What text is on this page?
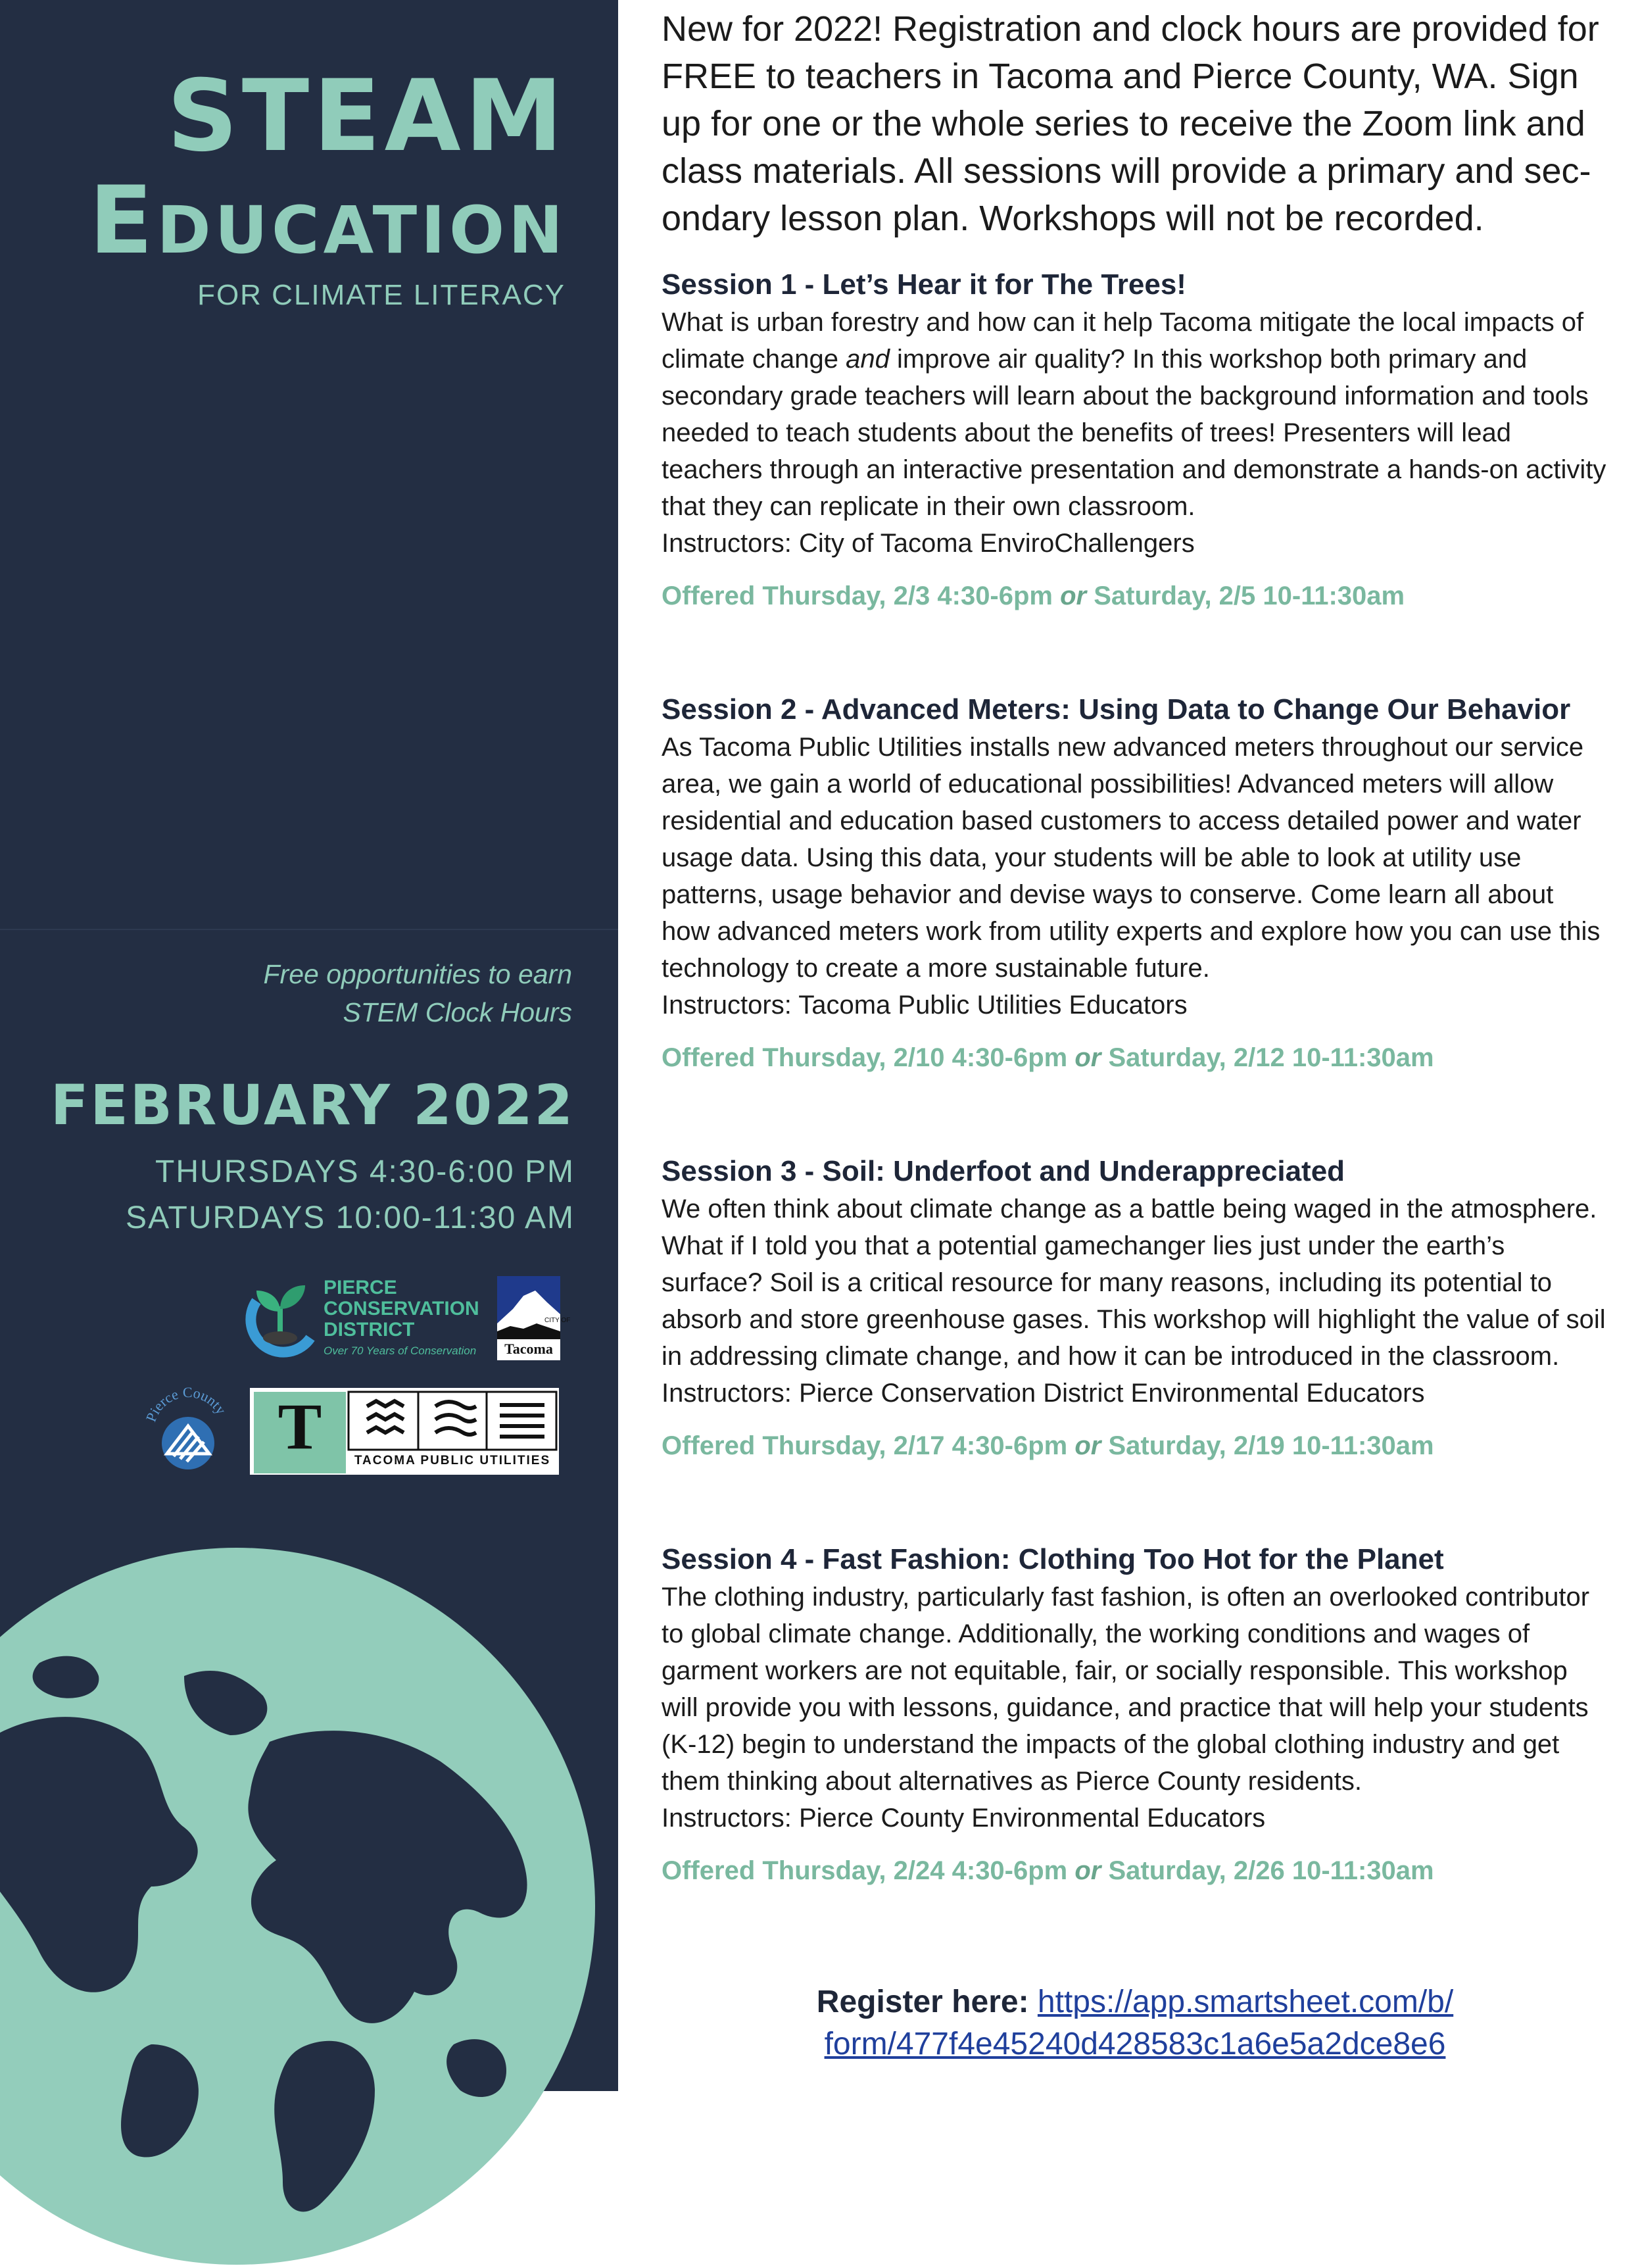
STEAM
Education
FOR CLIMATE LITERACY
Free opportunities to earn
STEM Clock Hours
FEBRUARY 2022
THURSDAYS 4:30-6:00 PM
SATURDAYS 10:00-11:30 AM
PIERCE
CONSERVATION
DISTRICT
Over 70 Years of Conservation
CITY OF
Tacoma
Pierce County T	TACOMA PUBLIC UTILITIES

New for 2022! Registration and clock hours are provided for FREE to teachers in Tacoma and Pierce County, WA. Sign up for one or the whole series to receive the Zoom link and class materials. All sessions will provide a primary and secondary lesson plan. Workshops will not be recorded.

Session 1 - Let’s Hear it for The Trees!

What is urban forestry and how can it help Tacoma mitigate the local impacts of climate change and improve air quality? In this workshop both primary and secondary grade teachers will learn about the background information and tools needed to teach students about the benefits of trees! Presenters will lead teachers through an interactive presentation and demonstrate a hands-on activity that they can replicate in their own classroom.

Instructors: City of Tacoma EnviroChallengers
Offered Thursday, 2/3 4:30-6pm or Saturday, 2/5 10-11:30am
Session 2 - Advanced Meters: Using Data to Change Our Behavior

As Tacoma Public Utilities installs new advanced meters throughout our service area, we gain a world of educational possibilities! Advanced meters will allow residential and education based customers to access detailed power and water usage data. Using this data, your students will be able to look at utility use patterns, usage behavior and devise ways to conserve. Come learn all about how advanced meters work from utility experts and explore how you can use this technology to create a more sustainable future.

Instructors: Tacoma Public Utilities Educators
Offered Thursday, 2/10 4:30-6pm or Saturday, 2/12 10-11:30am
Session 3 - Soil: Underfoot and Underappreciated

We often think about climate change as a battle being waged in the atmosphere. What if I told you that a potential gamechanger lies just under the earth’s surface? Soil is a critical resource for many reasons, including its potential to absorb and store greenhouse gases. This workshop will highlight the value of soil in addressing climate change, and how it can be introduced in the classroom.

Instructors: Pierce Conservation District Environmental Educators
Offered Thursday, 2/17 4:30-6pm or Saturday, 2/19 10-11:30am
Session 4 - Fast Fashion: Clothing Too Hot for the Planet

The clothing industry, particularly fast fashion, is often an overlooked contributor to global climate change. Additionally, the working conditions and wages of garment workers are not equitable, fair, or socially responsible. This workshop will provide you with lessons, guidance, and practice that will help your students (K-12) begin to understand the impacts of the global clothing industry and get them thinking about alternatives as Pierce County residents.

Instructors: Pierce County Environmental Educators
Offered Thursday, 2/24 4:30-6pm or Saturday, 2/26 10-11:30am
Register here: https://app.smartsheet.com/b/
form/477f4e45240d428583c1a6e5a2dce8e6
